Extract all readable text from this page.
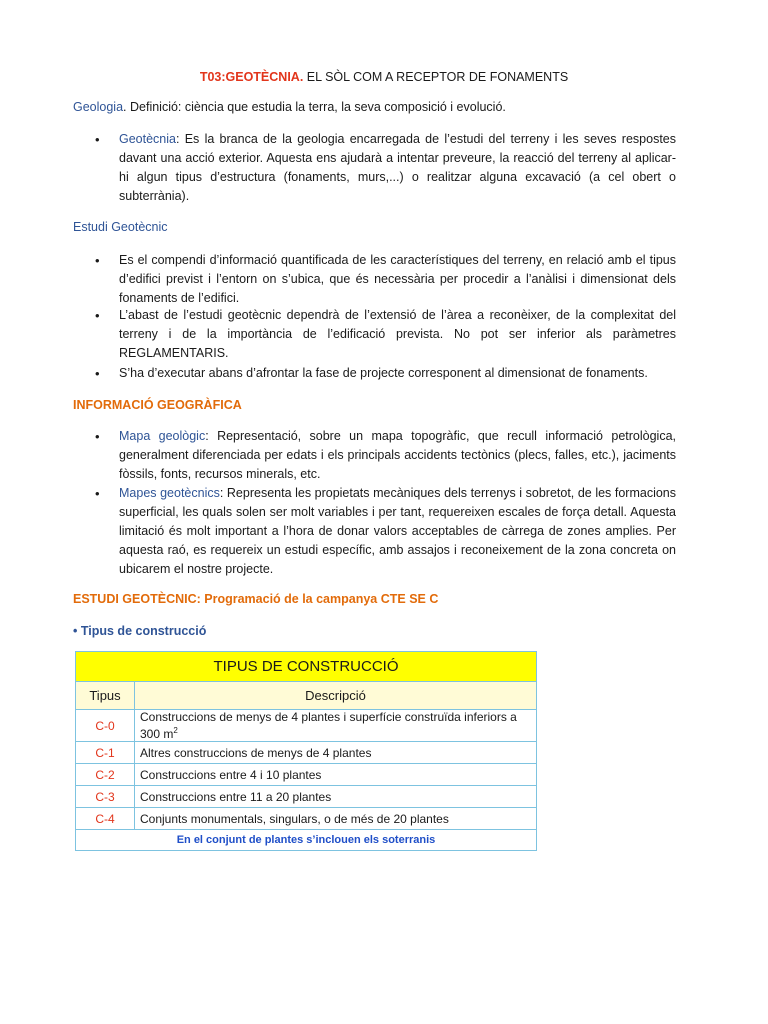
T03:GEOTÈCNIA. EL SÒL COM A RECEPTOR DE FONAMENTS
Geologia. Definició: ciència que estudia la terra, la seva composició i evolució.
• Geotècnia: Es la branca de la geologia encarregada de l’estudi del terreny i les seves respostes davant una acció exterior. Aquesta ens ajudarà a intentar preveure, la reacció del terreny al aplicar-hi algun tipus d’estructura (fonaments, murs,...) o realitzar alguna excavació (a cel obert o subterrània).
Estudi Geotècnic
• Es el compendi d’informació quantificada de les característiques del terreny, en relació amb el tipus d’edifici previst i l’entorn on s’ubica, que és necessària per procedir a l’anàlisi i dimensionat dels fonaments de l’edifici.
• L’abast de l’estudi geotècnic dependrà de l’extensió de l’àrea a reconèixer, de la complexitat del terreny i de la importància de l’edificació prevista. No pot ser inferior als paràmetres REGLAMENTARIS.
• S’ha d’executar abans d’afrontar la fase de projecte corresponent al dimensionat de fonaments.
INFORMACIÓ GEOGRÀFICA
• Mapa geològic: Representació, sobre un mapa topogràfic, que recull informació petrològica, generalment diferenciada per edats i els principals accidents tectònics (plecs, falles, etc.), jaciments fòssils, fonts, recursos minerals, etc.
• Mapes geotècnics: Representa les propietats mecàniques dels terrenys i sobretot, de les formacions superficial, les quals solen ser molt variables i per tant, requereixen escales de força detall. Aquesta limitació és molt important a l’hora de donar valors acceptables de càrrega de zones amplies. Per aquesta raó, es requereix un estudi específic, amb assajos i reconeixement de la zona concreta on ubicarem el nostre projecte.
ESTUDI GEOTÈCNIC: Programació de la campanya CTE SE C
• Tipus de construcció
TIPUS DE CONSTRUCCIÓ	
Tipus	Descripció
C-0	Construccions de menys de 4 plantes i superfície construïda inferiors a 300 $m^2$
C-1	Altres construccions de menys de 4 plantes
C-2	Construccions entre 4 i 10 plantes
C-3	Construccions entre 11 a 20 plantes
C-4	Conjunts monumentals, singulars, o de més de 20 plantes
En el conjunt de plantes s’inclouen els soterranis	
